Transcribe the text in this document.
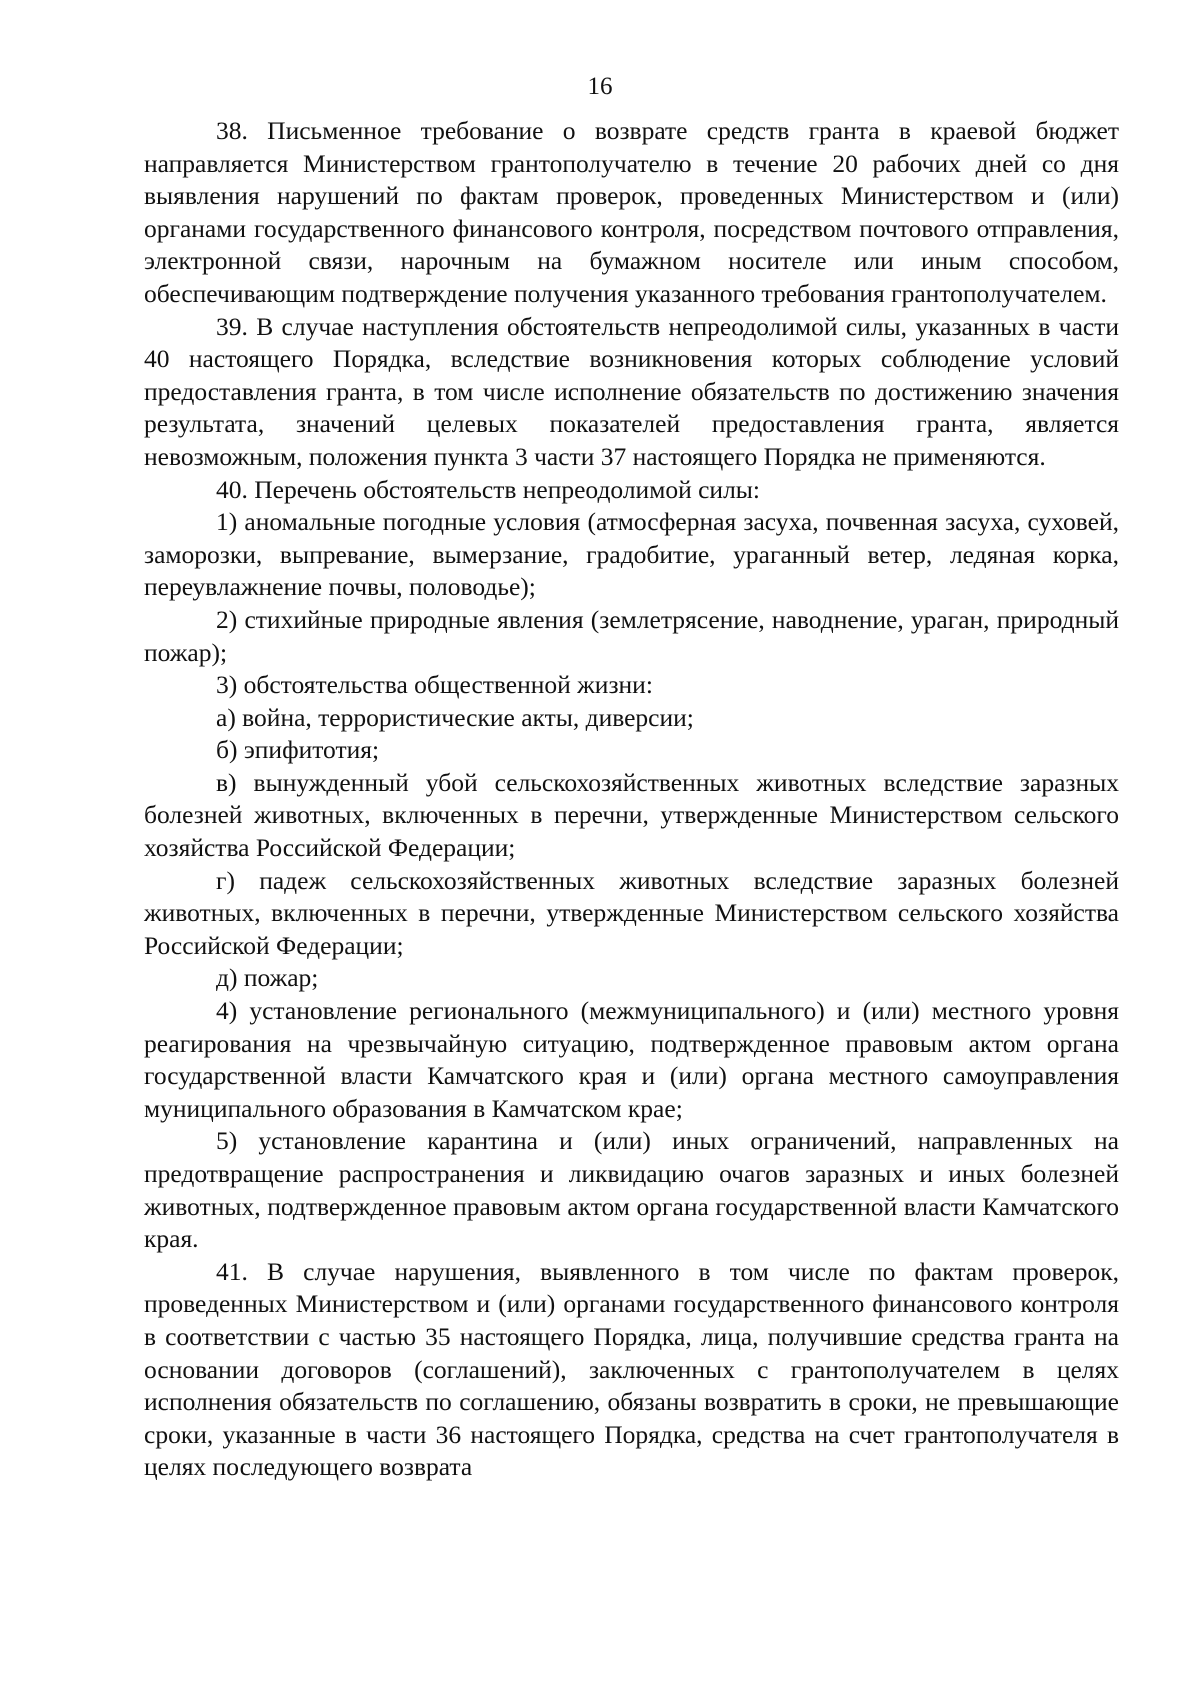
16

38. Письменное требование о возврате средств гранта в краевой бюджет направляется Министерством грантополучателю в течение 20 рабочих дней со дня выявления нарушений по фактам проверок, проведенных Министерством и (или) органами государственного финансового контроля, посредством почтового отправления, электронной связи, нарочным на бумажном носителе или иным способом, обеспечивающим подтверждение получения указанного требования грантополучателем.

39. В случае наступления обстоятельств непреодолимой силы, указанных в части 40 настоящего Порядка, вследствие возникновения которых соблюдение условий предоставления гранта, в том числе исполнение обязательств по достижению значения результата, значений целевых показателей предоставления гранта, является невозможным, положения пункта 3 части 37 настоящего Порядка не применяются.

40. Перечень обстоятельств непреодолимой силы:

1) аномальные погодные условия (атмосферная засуха, почвенная засуха, суховей, заморозки, выпревание, вымерзание, градобитие, ураганный ветер, ледяная корка, переувлажнение почвы, половодье);

2) стихийные природные явления (землетрясение, наводнение, ураган, природный пожар);

3) обстоятельства общественной жизни:

а) война, террористические акты, диверсии;

б) эпифитотия;

в) вынужденный убой сельскохозяйственных животных вследствие заразных болезней животных, включенных в перечни, утвержденные Министерством сельского хозяйства Российской Федерации;

г) падеж сельскохозяйственных животных вследствие заразных болезней животных, включенных в перечни, утвержденные Министерством сельского хозяйства Российской Федерации;

д) пожар;

4) установление регионального (межмуниципального) и (или) местного уровня реагирования на чрезвычайную ситуацию, подтвержденное правовым актом органа государственной власти Камчатского края и (или) органа местного самоуправления муниципального образования в Камчатском крае;

5) установление карантина и (или) иных ограничений, направленных на предотвращение распространения и ликвидацию очагов заразных и иных болезней животных, подтвержденное правовым актом органа государственной власти Камчатского края.

41. В случае нарушения, выявленного в том числе по фактам проверок, проведенных Министерством и (или) органами государственного финансового контроля в соответствии с частью 35 настоящего Порядка, лица, получившие средства гранта на основании договоров (соглашений), заключенных с грантополучателем в целях исполнения обязательств по соглашению, обязаны возвратить в сроки, не превышающие сроки, указанные в части 36 настоящего Порядка, средства на счет грантополучателя в целях последующего возврата
